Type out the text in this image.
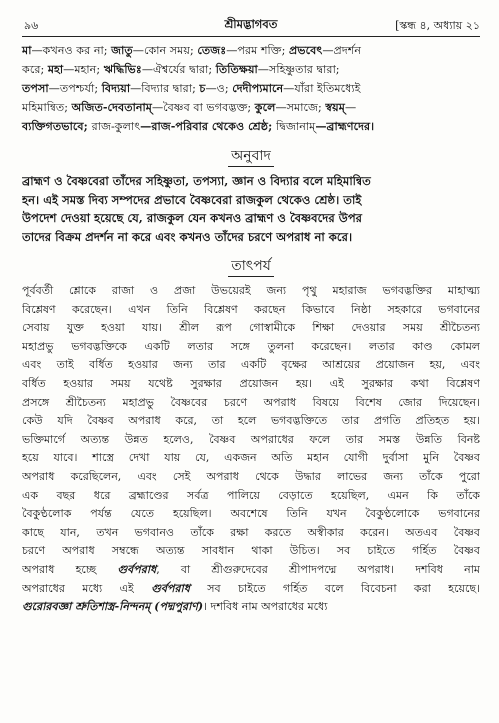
৯৬	শ্রীমদ্ভাগবত	[স্কন্ধ ৪, অধ্যায় ২১
মা—কখনও কর না; জাতু—কোন সময়; তেজঃ—পরম শক্তি; প্রভবেৎ—প্রদর্শন
করে; মহা—মহান; ঋদ্ধিভিঃ—ঐশ্বর্যের দ্বারা; তিতিক্ষয়া—সহিষ্ণুতার দ্বারা;
তপসা—তপশ্চর্যা; বিদ্যয়া—বিদ্যার দ্বারা; চ—ও; দেদীপ্যমানে—যাঁরা ইতিমধ্যেই
মহিমান্বিত; অজিত-দেবতানাম্—বৈষ্ণব বা ভগবদ্ভক্ত; কুলে—সমাজে; স্বয়ম্—
ব্যক্তিগতভাবে; রাজ-কুলাৎ—রাজ-পরিবার থেকেও শ্রেষ্ঠ; দ্বিজানাম্—ব্রাহ্মণদের।
অনুবাদ
ব্রাহ্মণ ও বৈষ্ণবেরা তাঁদের সহিষ্ণুতা, তপস্যা, জ্ঞান ও বিদ্যার বলে মহিমান্বিত
হন। এই সমস্ত দিব্য সম্পদের প্রভাবে বৈষ্ণবেরা রাজকুল থেকেও শ্রেষ্ঠ। তাই
উপদেশ দেওয়া হয়েছে যে, রাজকুল যেন কখনও ব্রাহ্মণ ও বৈষ্ণবদের উপর
তাদের বিক্রম প্রদর্শন না করে এবং কখনও তাঁদের চরণে অপরাধ না করে।
তাৎপর্য
পূর্ববর্তী শ্লোকে রাজা ও প্রজা উভয়েরই জন্য পৃথু মহারাজ ভগবদ্ভক্তির মাহাত্ম্য
বিশ্লেষণ করেছেন। এখন তিনি বিশ্লেষণ করছেন কিভাবে নিষ্ঠা সহকারে ভগবানের
সেবায় যুক্ত হওয়া যায়। শ্রীল রূপ গোস্বামীকে শিক্ষা দেওয়ার সময় শ্রীচৈতন্য
মহাপ্রভু ভগবদ্ভক্তিকে একটি লতার সঙ্গে তুলনা করেছেন। লতার কাণ্ড কোমল
এবং তাই বর্ধিত হওয়ার জন্য তার একটি বৃক্ষের আশ্রয়ের প্রয়োজন হয়, এবং
বর্ধিত হওয়ার সময় যথেষ্ট সুরক্ষার প্রয়োজন হয়। এই সুরক্ষার কথা বিশ্লেষণ
প্রসঙ্গে শ্রীচৈতন্য মহাপ্রভু বৈষ্ণবের চরণে অপরাধ বিষয়ে বিশেষ জোর দিয়েছেন।
কেউ যদি বৈষ্ণব অপরাধ করে, তা হলে ভগবদ্ভক্তিতে তার প্রগতি প্রতিহত হয়।
ভক্তিমার্গে অত্যন্ত উন্নত হলেও, বৈষ্ণব অপরাধের ফলে তার সমস্ত উন্নতি বিনষ্ট
হয়ে যাবে। শাস্ত্রে দেখা যায় যে, একজন অতি মহান যোগী দুর্বাসা মুনি বৈষ্ণব
অপরাধ করেছিলেন, এবং সেই অপরাধ থেকে উদ্ধার লাভের জন্য তাঁকে পুরো
এক বছর ধরে ব্রহ্মাণ্ডের সর্বত্র পালিয়ে বেড়াতে হয়েছিল, এমন কি তাঁকে
বৈকুণ্ঠলোক পর্যন্ত যেতে হয়েছিল। অবশেষে তিনি যখন বৈকুণ্ঠলোকে ভগবানের
কাছে যান, তখন ভগবানও তাঁকে রক্ষা করতে অস্বীকার করেন। অতএব বৈষ্ণব
চরণে অপরাধ সম্বন্ধে অত্যন্ত সাবধান থাকা উচিত। সব চাইতে গর্হিত বৈষ্ণব
অপরাধ হচ্ছে গুর্বপরাধ, বা শ্রীগুরুদেবের শ্রীপাদপদ্মে অপরাধ। দশবিধ নাম
অপরাধের মধ্যে এই গুর্বপরাধ সব চাইতে গর্হিত বলে বিবেচনা করা হয়েছে।
গুরোরবজ্ঞা শ্রুতিশাস্ত্র-নিন্দনম্ (পদ্মপুরাণ)। দশবিধ নাম অপরাধের মধ্যে
